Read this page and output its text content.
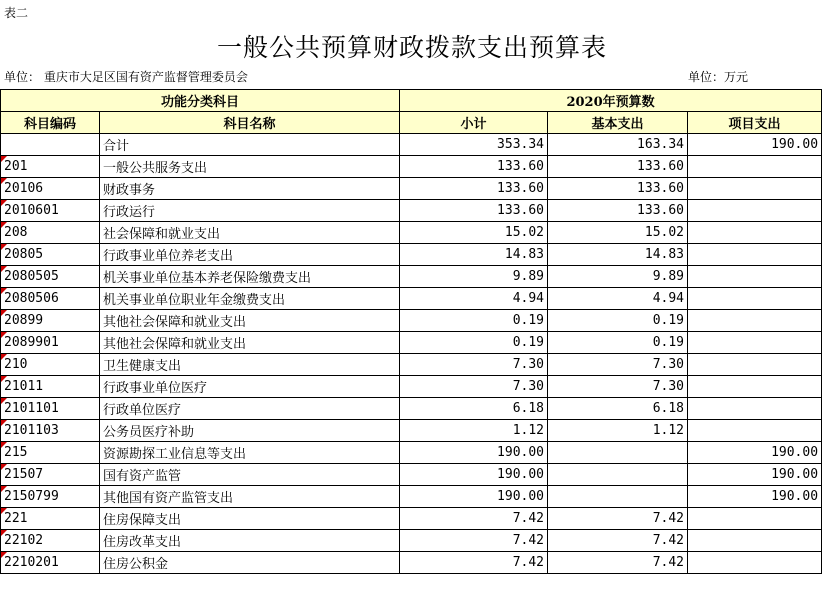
表二
一般公共预算财政拨款支出预算表
单位： 重庆市大足区国有资产监督管理委员会	单位：万元
功能分类科目		2020年预算数		
科目编码	科目名称	小计	基本支出	项目支出
	合计	353.34	163.34	190.00

201	一般公共服务支出	133.60	133.60	

20106	财政事务	133.60	133.60	

2010601	行政运行	133.60	133.60	

208	社会保障和就业支出	15.02	15.02	

20805	行政事业单位养老支出	14.83	14.83	

2080505	机关事业单位基本养老保险缴费支出	9.89	9.89	

2080506	机关事业单位职业年金缴费支出	4.94	4.94	

20899	其他社会保障和就业支出	0.19	0.19	

2089901	其他社会保障和就业支出	0.19	0.19	

210	卫生健康支出	7.30	7.30	

21011	行政事业单位医疗	7.30	7.30	

2101101	行政单位医疗	6.18	6.18	

2101103	公务员医疗补助	1.12	1.12	

215	资源勘探工业信息等支出	190.00		190.00

21507	国有资产监管	190.00		190.00

2150799	其他国有资产监管支出	190.00		190.00

221	住房保障支出	7.42	7.42	

22102	住房改革支出	7.42	7.42	

2210201	住房公积金	7.42	7.42	
